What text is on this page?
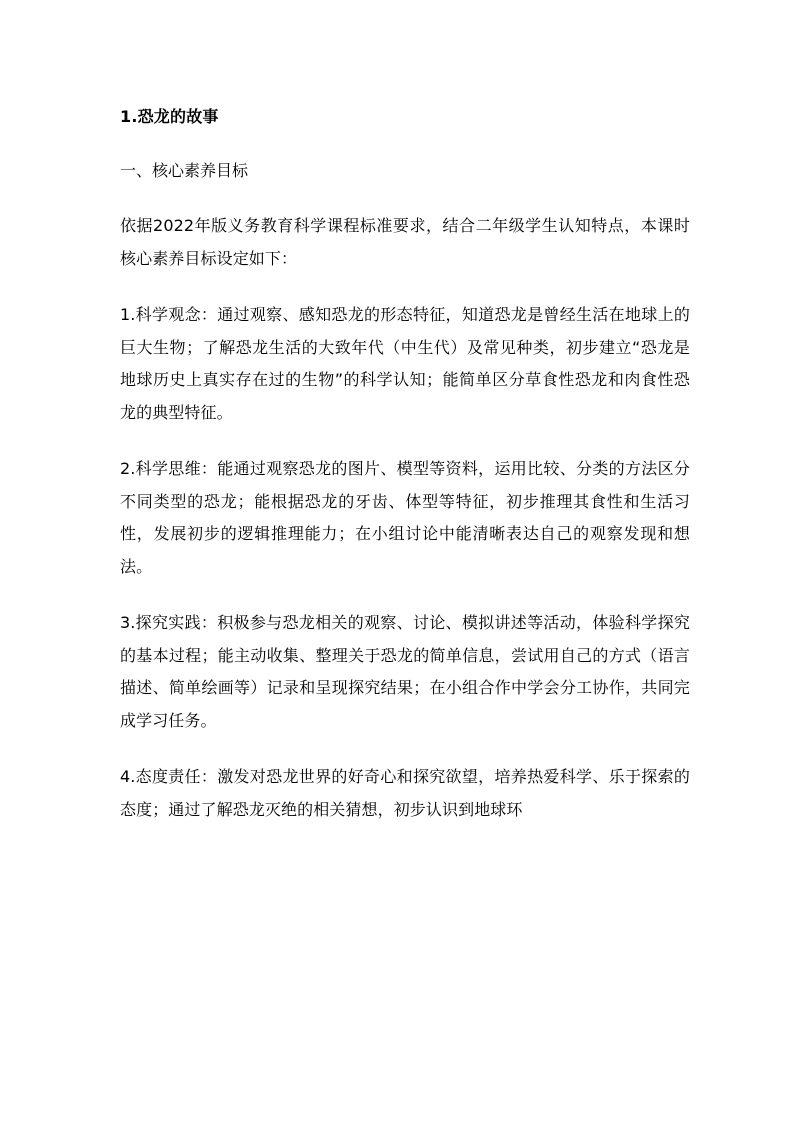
1.恐龙的故事
一、核心素养目标
依据2022年版义务教育科学课程标准要求，结合二年级学生认知特点，本课时核心素养目标设定如下：
1.科学观念：通过观察、感知恐龙的形态特征，知道恐龙是曾经生活在地球上的巨大生物；了解恐龙生活的大致年代（中生代）及常见种类，初步建立“恐龙是地球历史上真实存在过的生物”的科学认知；能简单区分草食性恐龙和肉食性恐龙的典型特征。
2.科学思维：能通过观察恐龙的图片、模型等资料，运用比较、分类的方法区分不同类型的恐龙；能根据恐龙的牙齿、体型等特征，初步推理其食性和生活习性，发展初步的逻辑推理能力；在小组讨论中能清晰表达自己的观察发现和想法。
3.探究实践：积极参与恐龙相关的观察、讨论、模拟讲述等活动，体验科学探究的基本过程；能主动收集、整理关于恐龙的简单信息，尝试用自己的方式（语言描述、简单绘画等）记录和呈现探究结果；在小组合作中学会分工协作，共同完成学习任务。
4.态度责任：激发对恐龙世界的好奇心和探究欲望，培养热爱科学、乐于探索的态度；通过了解恐龙灭绝的相关猜想，初步认识到地球环
